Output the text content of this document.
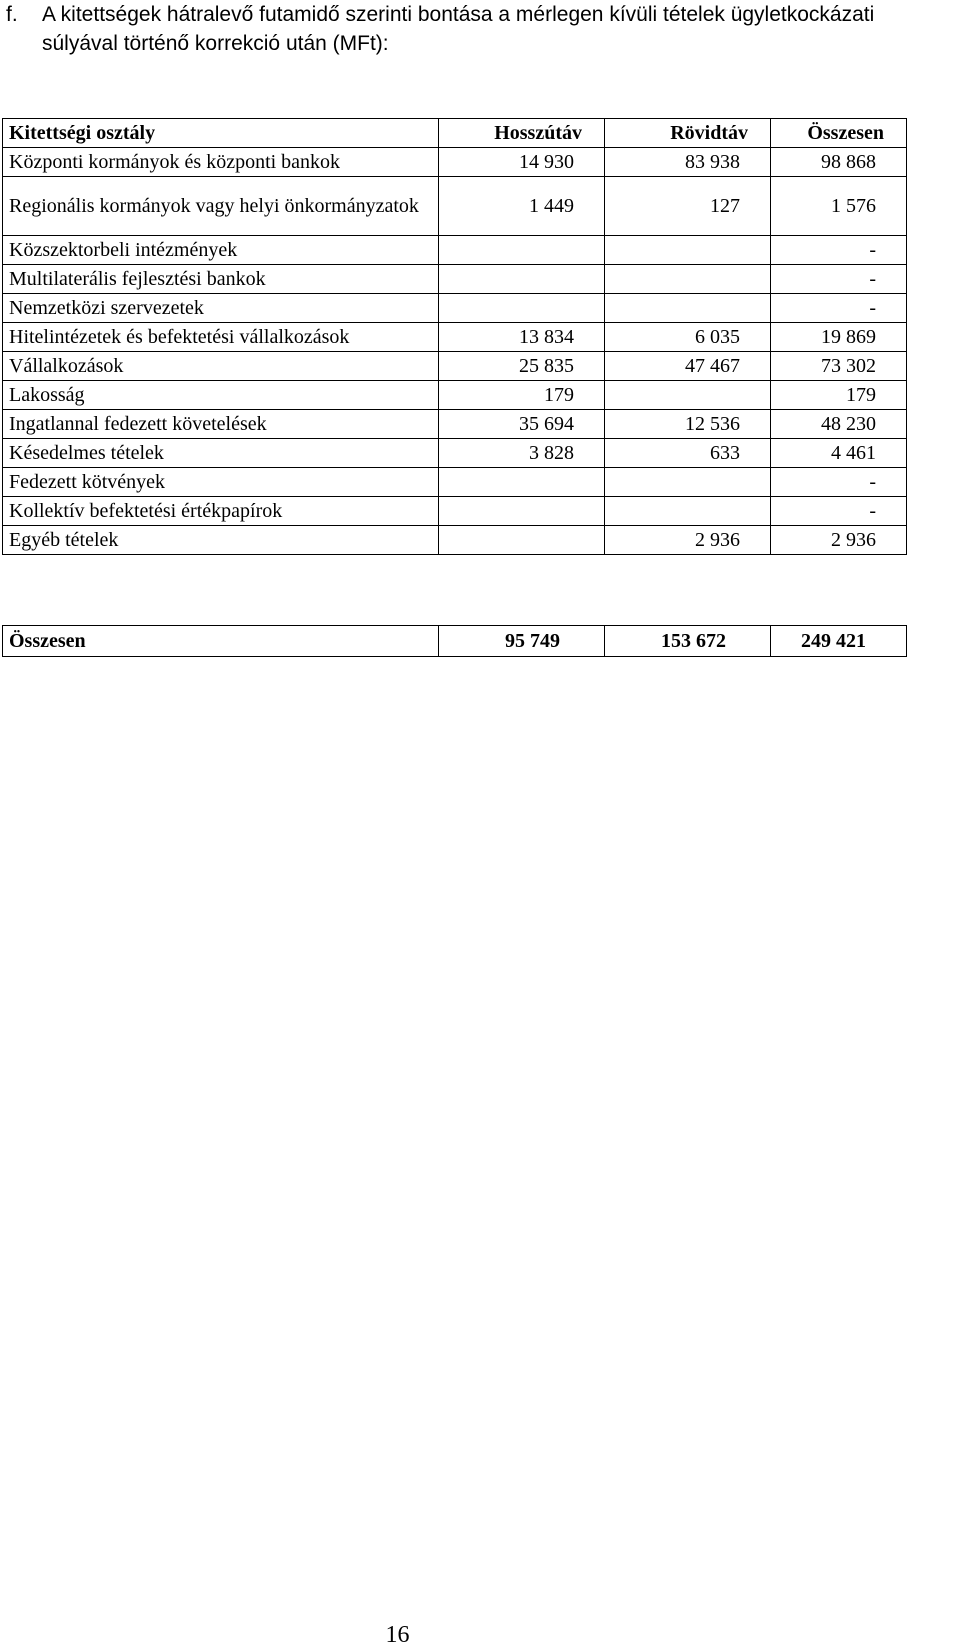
f. A kitettségek hátralevő futamidő szerinti bontása a mérlegen kívüli tételek ügyletkockázati súlyával történő korrekció után (MFt):
Kitettségi osztály	Hosszútáv	Rövidtáv	Összesen
Központi kormányok és központi bankok	14 930	83 938	98 868
Regionális kormányok vagy helyi önkormányzatok	1 449	127	1 576
Közszektorbeli intézmények			-
Multilaterális fejlesztési bankok			-
Nemzetközi szervezetek			-
Hitelintézetek és befektetési vállalkozások	13 834	6 035	19 869
Vállalkozások	25 835	47 467	73 302
Lakosság	179		179
Ingatlannal fedezett követelések	35 694	12 536	48 230
Késedelmes tételek	3 828	633	4 461
Fedezett kötvények			-
Kollektív befektetési értékpapírok			-
Egyéb tételek		2 936	2 936
Összesen	95 749	153 672	249 421
16
